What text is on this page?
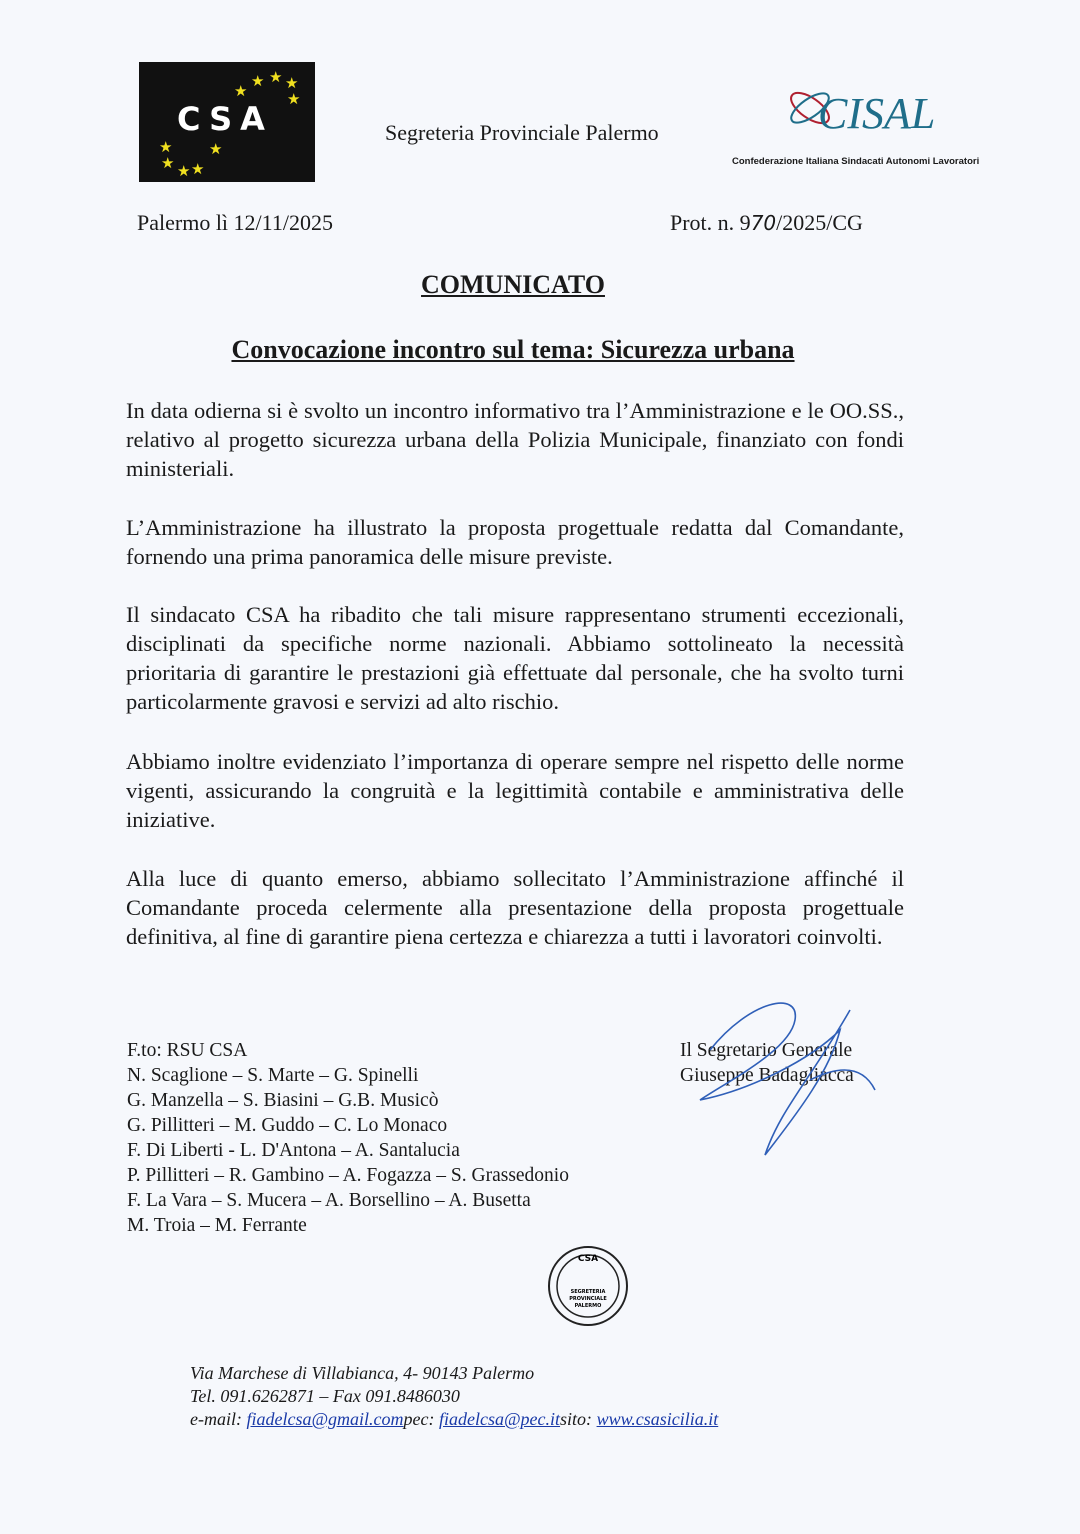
★ ★ ★
★	★
★ ★
★ ★ ★
CSA	Segreteria Provinciale Palermo	CISAL
Confederazione Italiana Sindacati Autonomi Lavoratori
Palermo lì 12/11/2025	Prot. n. 970/2025/CG
COMUNICATO
Convocazione incontro sul tema: Sicurezza urbana

In data odierna si è svolto un incontro informativo tra l’Amministrazione e le OO.SS., relativo al progetto sicurezza urbana della Polizia Municipale, finanziato con fondi ministeriali.

L’Amministrazione ha illustrato la proposta progettuale redatta dal Comandante, fornendo una prima panoramica delle misure previste.

Il sindacato CSA ha ribadito che tali misure rappresentano strumenti eccezionali, disciplinati da specifiche norme nazionali. Abbiamo sottolineato la necessità prioritaria di garantire le prestazioni già effettuate dal personale, che ha svolto turni particolarmente gravosi e servizi ad alto rischio.

Abbiamo inoltre evidenziato l’importanza di operare sempre nel rispetto delle norme vigenti, assicurando la congruità e la legittimità contabile e amministrativa delle iniziative.

Alla luce di quanto emerso, abbiamo sollecitato l’Amministrazione affinché il Comandante proceda celermente alla presentazione della proposta progettuale definitiva, al fine di garantire piena certezza e chiarezza a tutti i lavoratori coinvolti.

F.to: RSU CSA
N. Scaglione – S. Marte – G. Spinelli
G. Manzella – S. Biasini – G.B. Musicò
G. Pillitteri – M. Guddo – C. Lo Monaco
F. Di Liberti - L. D'Antona – A. Santalucia
P. Pillitteri – R. Gambino – A. Fogazza – S. Grassedonio
F. La Vara – S. Mucera – A. Borsellino – A. Busetta
M. Troia – M. Ferrante
Il Segretario Generale
Giuseppe Badagliacca
CSA
SEGRETERIA
PROVINCIALE
PALERMO
Via Marchese di Villabianca, 4- 90143 Palermo
Tel. 091.6262871 – Fax 091.8486030
e-mail: fiadelcsa@gmail.compec: fiadelcsa@pec.itsito: www.csasicilia.it
